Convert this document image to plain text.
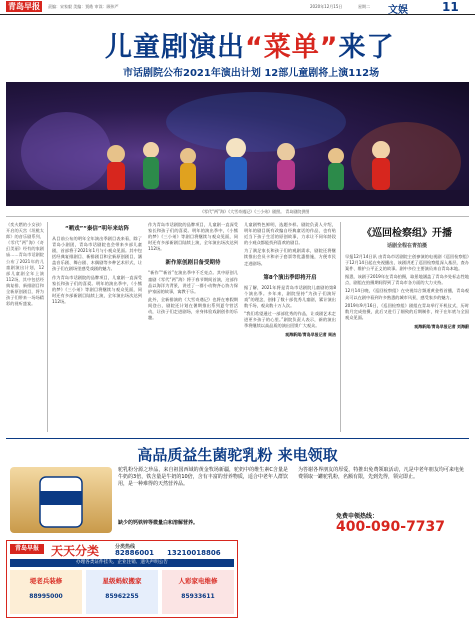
青岛早报	责编：宋家毅 美编：贾皓 审读：顾伟严	2020年12月15日	星期二 文娱	11
儿童剧演出“菜单”来了
市话剧院公布2021年演出计划 12部儿童剧将上演112场
《零代“两”海》《大雪奇遇记》《三小弟》剧照。 青岛剧院供图
《奕火燃的小女孩》开启的天宫《坦桃太郎》的音乐剧系列、《零代“两”海》《奇幻美丽》经有的家剧庙……青岛市话剧院公布了2021年的儿童剧演出计划，12部儿童剧全年上演112场，其中包括经典复排、新排剧目和全新原创剧目，将为孩子们带来一场场精彩的视听盛宴。
“晒戏”“秦信”明年来站阵
从目前公布的明年全年演出季剧目表来看，除了青岛小剧团，青岛市话剧院也会带来多部儿童剧，首部将于2021年1月与小观众见面。其中包括经典复排剧目、新排剧目和全新原创剧目，涵盖音乐剧、舞台剧、木偶剧等多种艺术形式，让孩子们在剧场里感受戏剧的魅力。
作为青岛市话剧院的品牌项目，儿童剧一直深受家长和孩子们的喜爱。明年的演出季中，《小熊的梦》《三小弟》等剧目将继续与观众见面，同时还有多部新剧目陆续上演，全年演出场次达到112场。
作为青岛市话剧院的品牌项目，儿童剧一直深受家长和孩子们的喜爱。明年的演出季中，《小熊的梦》《三小弟》等剧目将继续与观众见面，同时还有多部新剧目陆续上演，全年演出场次达到112场。
新作原创剧目备受期待
“新作”“新首”在演出季中不乏亮点。其中原创儿童剧《零代“两”海》将于春节期间首演，这部作品以海洋为背景，讲述了一群小动物齐心协力保护家园的故事，寓教于乐。
此外，全新排演的《大雪奇遇记》也将在寒假期间登台，剧院还计划在暑期推出系列夏令营活动，让孩子们走进剧场，亲身体验戏剧创作的乐趣。
儿童剧特色鲜明，选题多样。剧院负责人介绍，明年的剧目既有改编自经典童话的作品，也有贴近当下孩子生活的原创故事，力求让不同年龄段的小观众都能找到喜欢的剧目。
为了满足家长和孩子们的观剧需求，剧院还将继续推出会员卡和亲子套票等优惠措施，方便市民走进剧场。
第8个演出季即将开启
据了解，2021年将是青岛市话剧院儿童剧的第8个演出季。多年来，剧院坚持“为孩子们演好戏”的理念，创排了数十部优秀儿童剧，累计演出数千场，观众数十万人次。
“我们希望通过一部部优秀的作品，让戏剧艺术走进更多孩子的心里。”剧院负责人表示，新的演出季将继续以高品质的演出回馈广大观众。
观海新闻/青岛早报记者 周洁
《巡回检察组》开播
话剧全程在青拍摄
早报12月14日讯 由青岛市话剧院主创参演的电视剧《巡回检察组》于12月14日起在央视播出，该剧讲述了巡回检察组深入基层，查办案件、维护公平正义的故事。剧中多位主要演员来自青岛本地。
据悉，该剧于2019年在青岛拍摄，取景地涵盖了青岛多处标志性地点，剧组在拍摄期间得到了青岛市各方面的大力支持。
12月14日晚，《巡回检察组》在央视综合频道黄金档首播，青岛观众可以在剧中看到许多熟悉的城市风景，感受家乡的魅力。
2019年9月16日，《巡回检察组》剧组在青岛举行开机仪式，历时数月完成拍摄，此后又进行了细致的后期制作，终于在年底与全国观众见面。
观海新闻/青岛早报记者 刘海蔚
高品质益生菌驼乳粉 来电领取
驼乳粉分源之珍品，来自祖国西域的黄金牧场新疆，驼奶中的维生素C含量是牛奶的3倍，铁含量是牛奶的10倍，含有丰富的营养物质，适合中老年人群饮用，是一种难得的天然营养品。
为答谢各界朋友的厚爱，特推出免费领取活动，凡是中老年朋友均可来电免费领取一罐驼乳粉，名额有限，先到先得，领完即止。
缺少的钙铁锌等微量白和溶解营养。
免费申领热线：
400-090-7737
青岛早报	天天分类	分类热线
82886001 13210018806
办理各类证件挂失、企业注销、遗失声明公告
堤老兵装修
88995000
星级蚂蚁搬家
85962255
人彩家电维修
85933611
